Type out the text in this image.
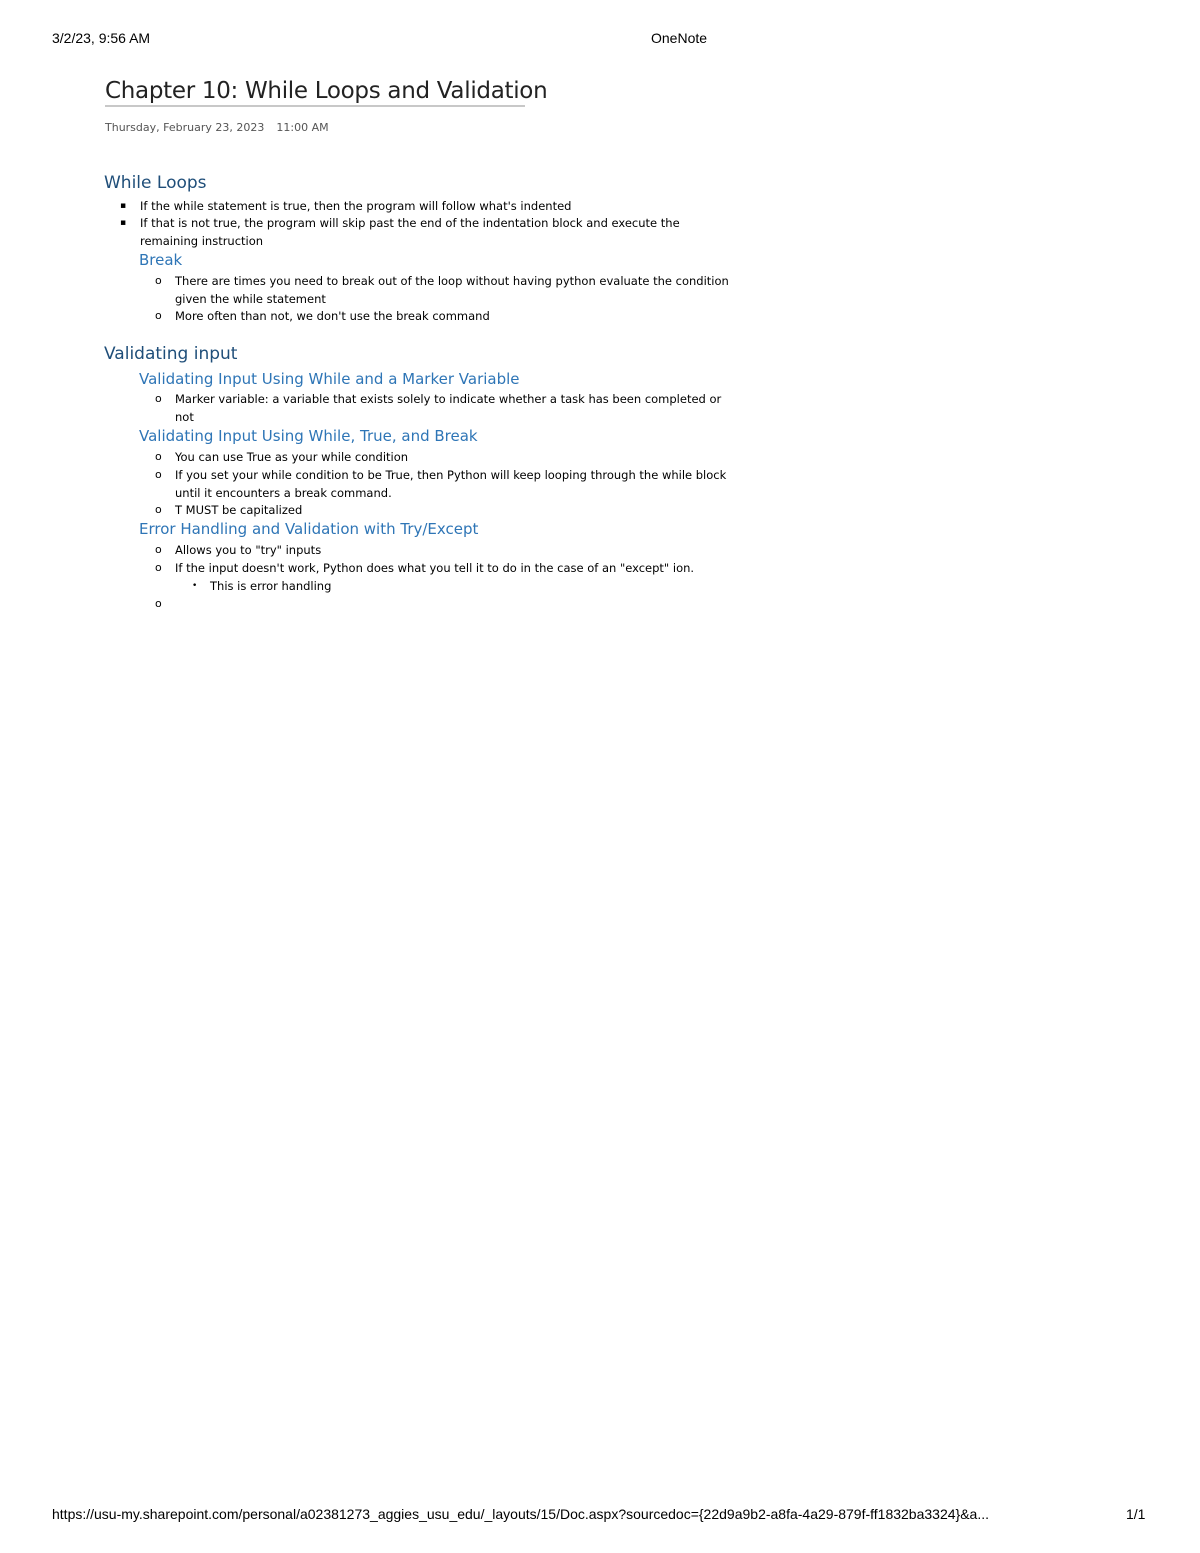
3/2/23, 9:56 AM	OneNote
Chapter 10: While Loops and Validation
Thursday, February 23, 2023 11:00 AM
While Loops
▪ If the while statement is true, then the program will follow what's indented
▪ If that is not true, the program will skip past the end of the indentation block and execute the remaining instruction
Break
o There are times you need to break out of the loop without having python evaluate the condition given the while statement
o More often than not, we don't use the break command
Validating input
Validating Input Using While and a Marker Variable
o Marker variable: a variable that exists solely to indicate whether a task has been completed or not
Validating Input Using While, True, and Break
o You can use True as your while condition
o If you set your while condition to be True, then Python will keep looping through the while block until it encounters a break command.
o T MUST be capitalized
Error Handling and Validation with Try/Except
o Allows you to "try" inputs
o If the input doesn't work, Python does what you tell it to do in the case of an "except" ion.
• This is error handling
o
https://usu-my.sharepoint.com/personal/a02381273_aggies_usu_edu/_layouts/15/Doc.aspx?sourcedoc={22d9a9b2-a8fa-4a29-879f-ff1832ba3324}&a...	1/1
